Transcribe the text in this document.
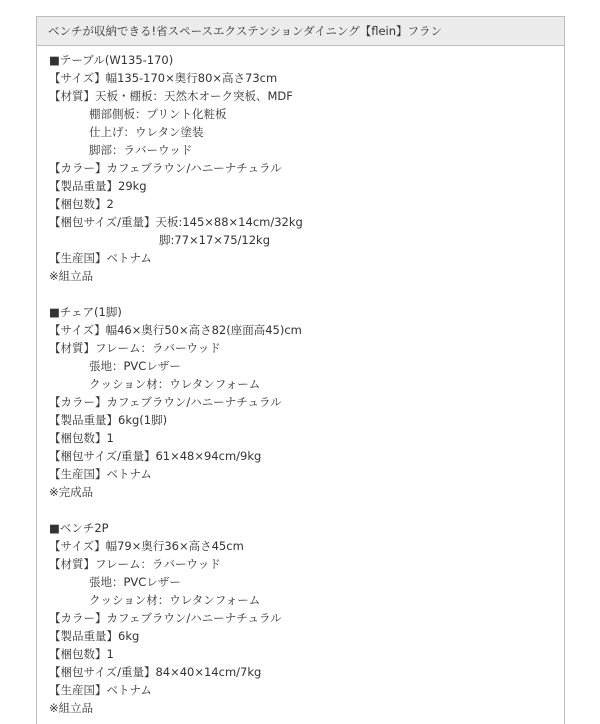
ベンチが収納できる!省スペースエクステンションダイニング【flein】フラン
■テーブル(W135-170)
【サイズ】幅135-170×奥行80×高さ73cm
【材質】天板・棚板：天然木オーク突板、MDF
棚部側板：プリント化粧板
仕上げ：ウレタン塗装
脚部：ラバーウッド
【カラー】カフェブラウン/ハニーナチュラル
【製品重量】29kg
【梱包数】2
【梱包サイズ/重量】天板:145×88×14cm/32kg
脚:77×17×75/12kg
【生産国】ベトナム
※組立品
■チェア(1脚)
【サイズ】幅46×奥行50×高さ82(座面高45)cm
【材質】フレーム：ラバーウッド
張地：PVCレザー
クッション材：ウレタンフォーム
【カラー】カフェブラウン/ハニーナチュラル
【製品重量】6kg(1脚)
【梱包数】1
【梱包サイズ/重量】61×48×94cm/9kg
【生産国】ベトナム
※完成品
■ベンチ2P
【サイズ】幅79×奥行36×高さ45cm
【材質】フレーム：ラバーウッド
張地：PVCレザー
クッション材：ウレタンフォーム
【カラー】カフェブラウン/ハニーナチュラル
【製品重量】6kg
【梱包数】1
【梱包サイズ/重量】84×40×14cm/7kg
【生産国】ベトナム
※組立品
